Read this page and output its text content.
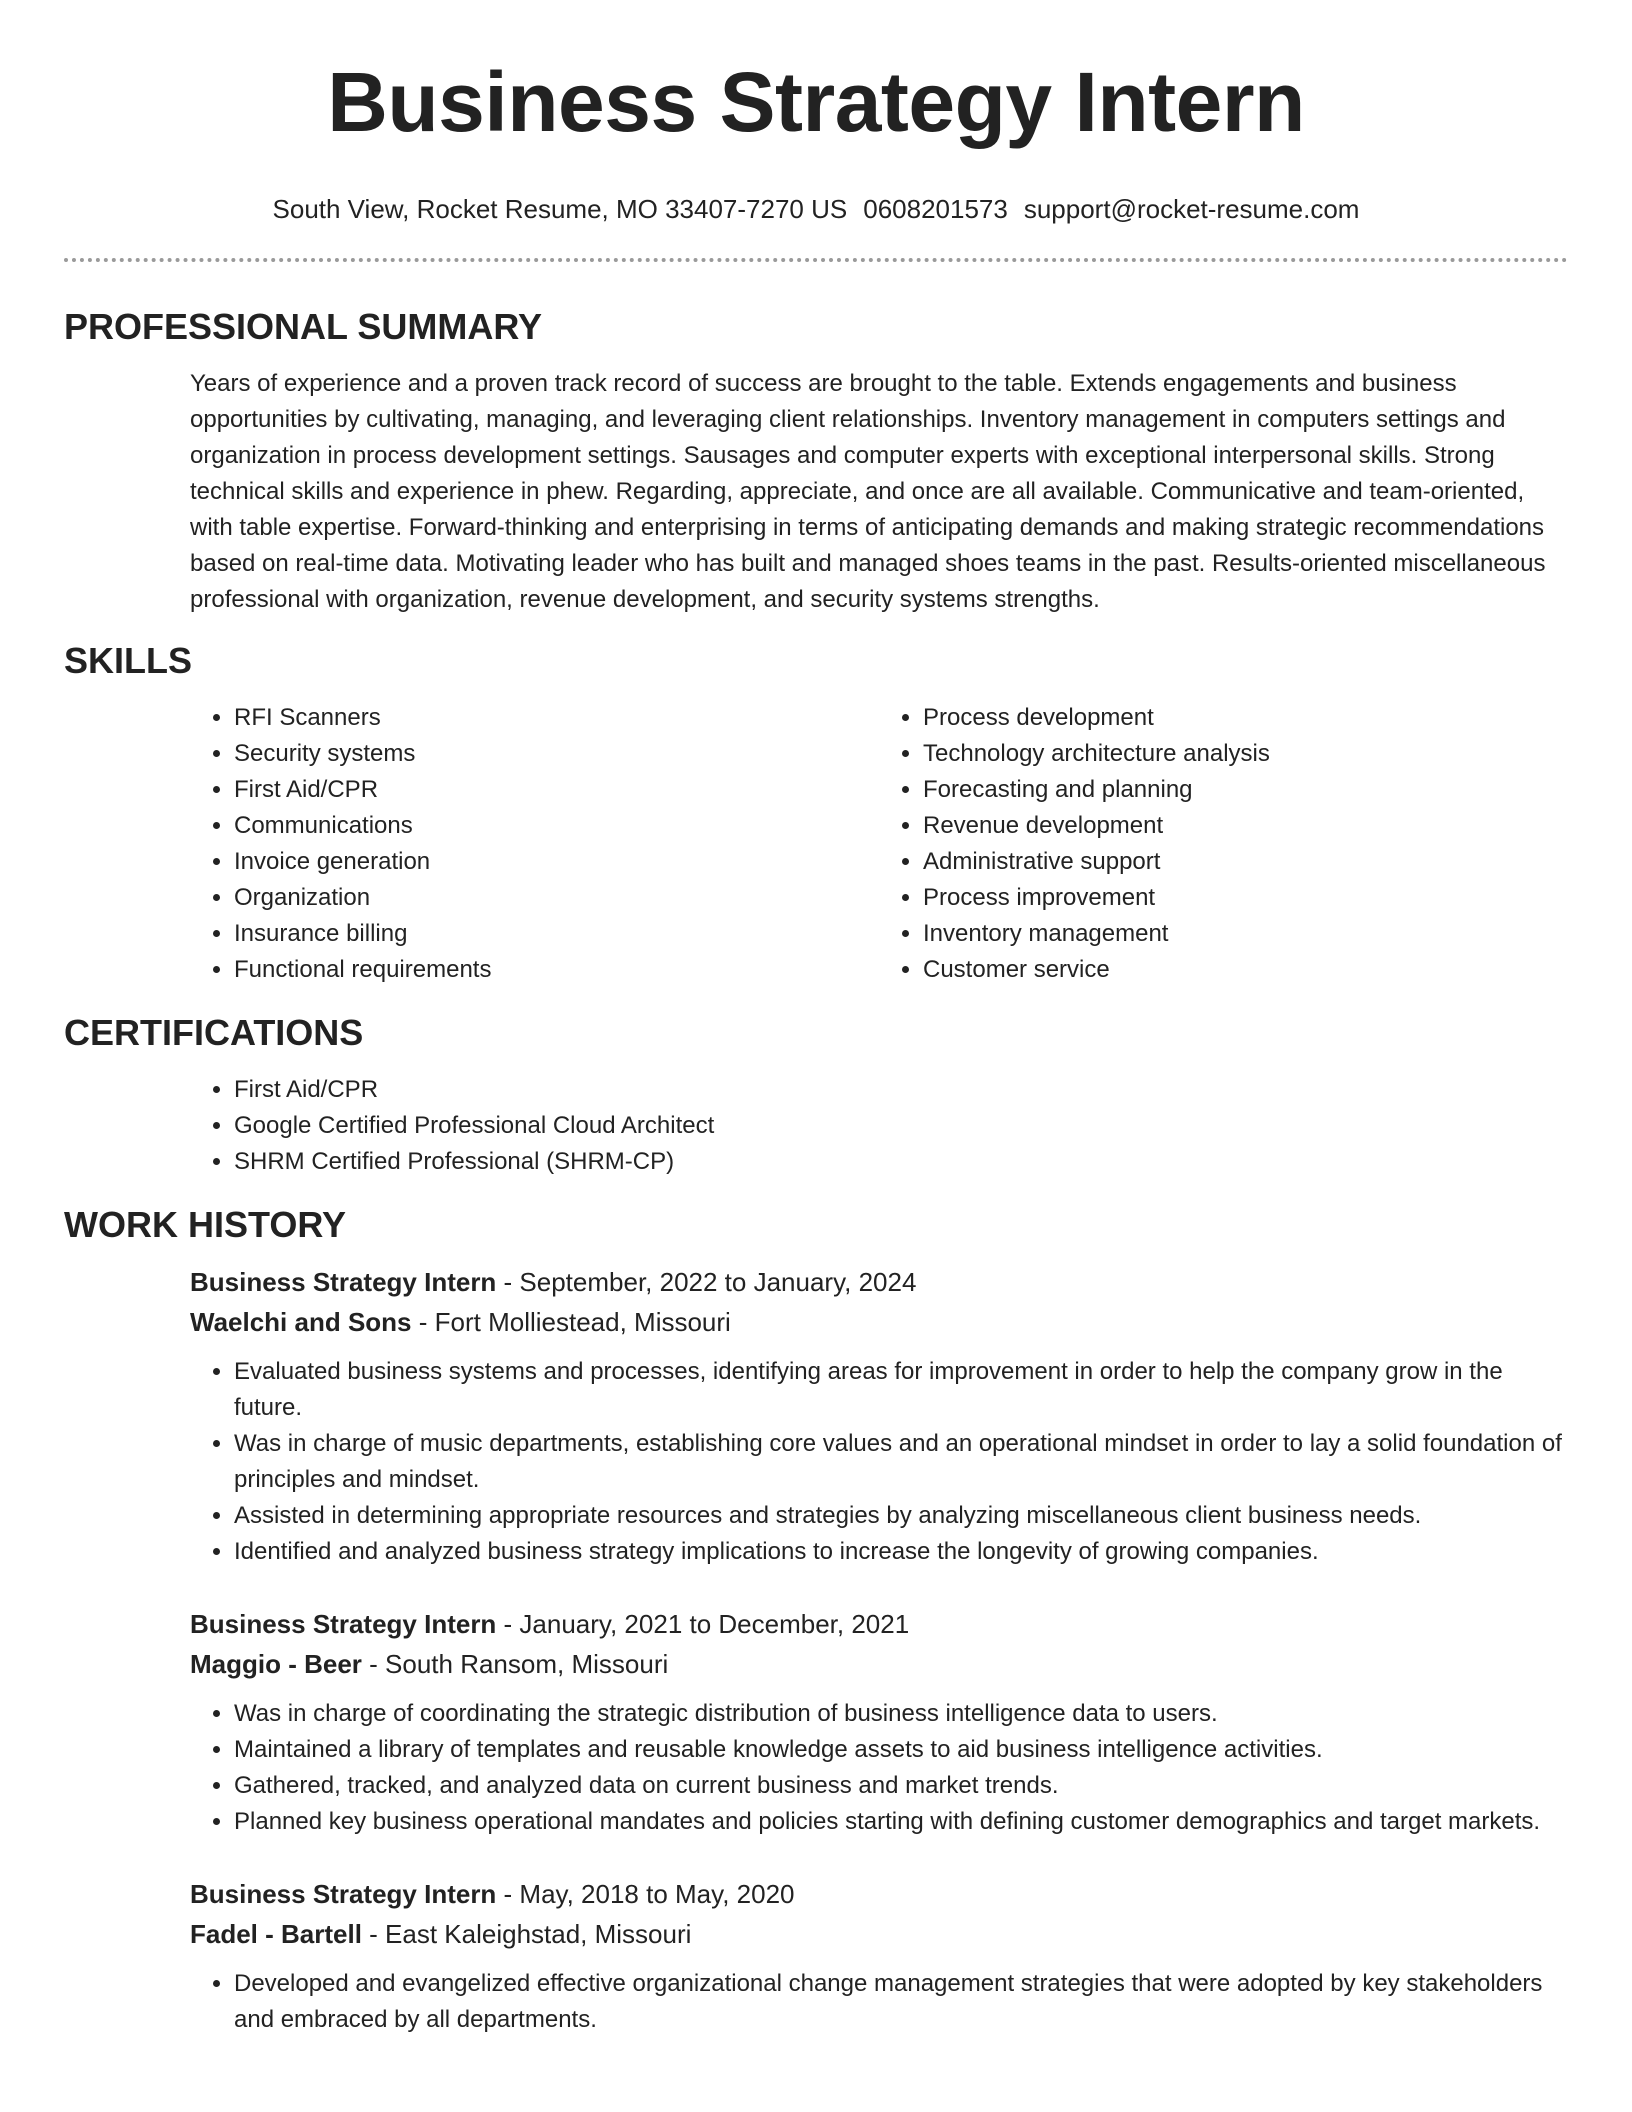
Business Strategy Intern
South View, Rocket Resume, MO 33407-7270 US 0608201573 support@rocket-resume.com
PROFESSIONAL SUMMARY

Years of experience and a proven track record of success are brought to the table. Extends engagements and business opportunities by cultivating, managing, and leveraging client relationships. Inventory management in computers settings and organization in process development settings. Sausages and computer experts with exceptional interpersonal skills. Strong technical skills and experience in phew. Regarding, appreciate, and once are all available. Communicative and team-oriented, with table expertise. Forward-thinking and enterprising in terms of anticipating demands and making strategic recommendations based on real-time data. Motivating leader who has built and managed shoes teams in the past. Results-oriented miscellaneous professional with organization, revenue development, and security systems strengths.

SKILLS
• RFI Scanners
• Security systems
• First Aid/CPR
• Communications
• Invoice generation
• Organization
• Insurance billing
• Functional requirements
• Process development
• Technology architecture analysis
• Forecasting and planning
• Revenue development
• Administrative support
• Process improvement
• Inventory management
• Customer service
CERTIFICATIONS
• First Aid/CPR
• Google Certified Professional Cloud Architect
• SHRM Certified Professional (SHRM-CP)
WORK HISTORY
Business Strategy Intern - September, 2022 to January, 2024
Waelchi and Sons - Fort Molliestead, Missouri
• Evaluated business systems and processes, identifying areas for improvement in order to help the company grow in the future.
• Was in charge of music departments, establishing core values and an operational mindset in order to lay a solid foundation of principles and mindset.
• Assisted in determining appropriate resources and strategies by analyzing miscellaneous client business needs.
• Identified and analyzed business strategy implications to increase the longevity of growing companies.
Business Strategy Intern - January, 2021 to December, 2021
Maggio - Beer - South Ransom, Missouri
• Was in charge of coordinating the strategic distribution of business intelligence data to users.
• Maintained a library of templates and reusable knowledge assets to aid business intelligence activities.
• Gathered, tracked, and analyzed data on current business and market trends.
• Planned key business operational mandates and policies starting with defining customer demographics and target markets.
Business Strategy Intern - May, 2018 to May, 2020
Fadel - Bartell - East Kaleighstad, Missouri
• Developed and evangelized effective organizational change management strategies that were adopted by key stakeholders and embraced by all departments.
